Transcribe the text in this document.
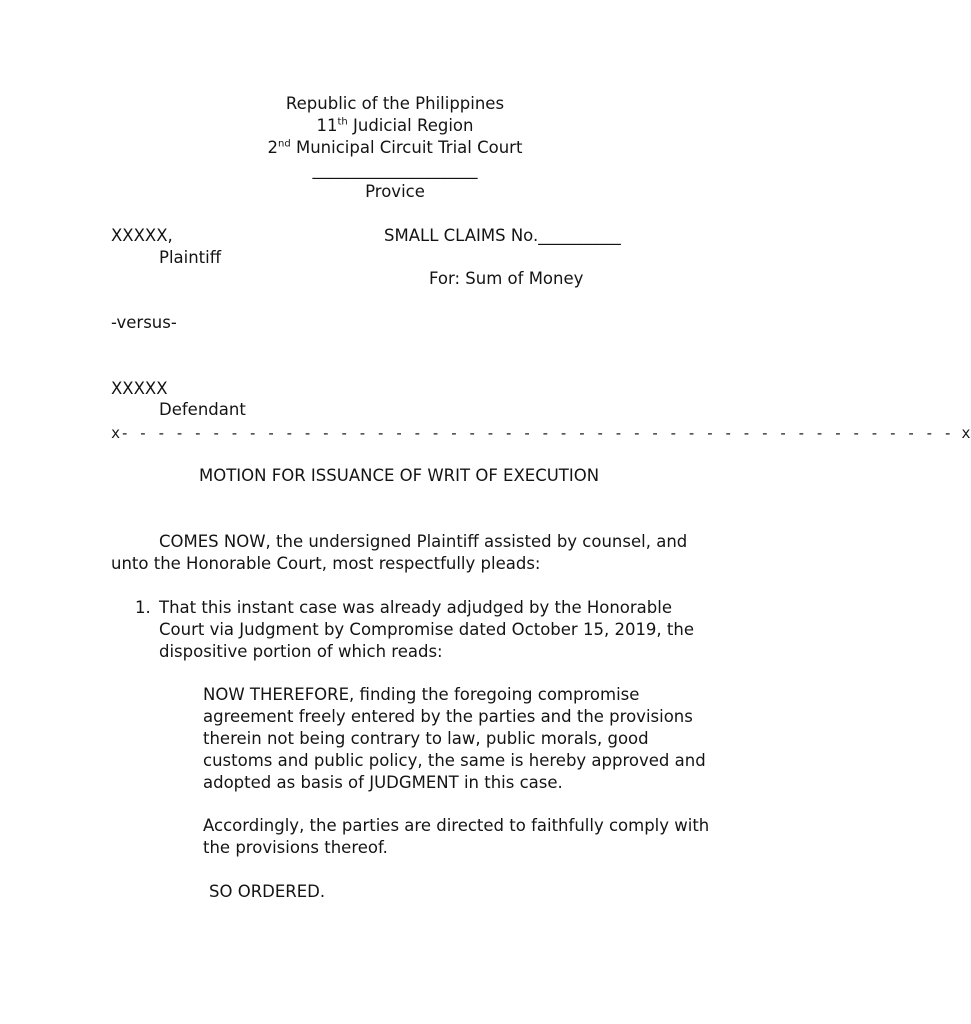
Republic of the Philippines
11th Judicial Region
2nd Municipal Circuit Trial Court
____________________
Provice
XXXXX,
Plaintiff
SMALL CLAIMS No.__________
For: Sum of Money
-versus-
XXXXX
Defendant
x- - - - - - - - - - - - - - - - - - - - - - - - - - - - - - - - - - - - - - - - - - - - - - x
MOTION FOR ISSUANCE OF WRIT OF EXECUTION
COMES NOW, the undersigned Plaintiff assisted by counsel, and
unto the Honorable Court, most respectfully pleads:
1. That this instant case was already adjudged by the Honorable
Court via Judgment by Compromise dated October 15, 2019, the
dispositive portion of which reads:
NOW THEREFORE, finding the foregoing compromise
agreement freely entered by the parties and the provisions
therein not being contrary to law, public morals, good
customs and public policy, the same is hereby approved and
adopted as basis of JUDGMENT in this case.
Accordingly, the parties are directed to faithfully comply with
the provisions thereof.
SO ORDERED.
